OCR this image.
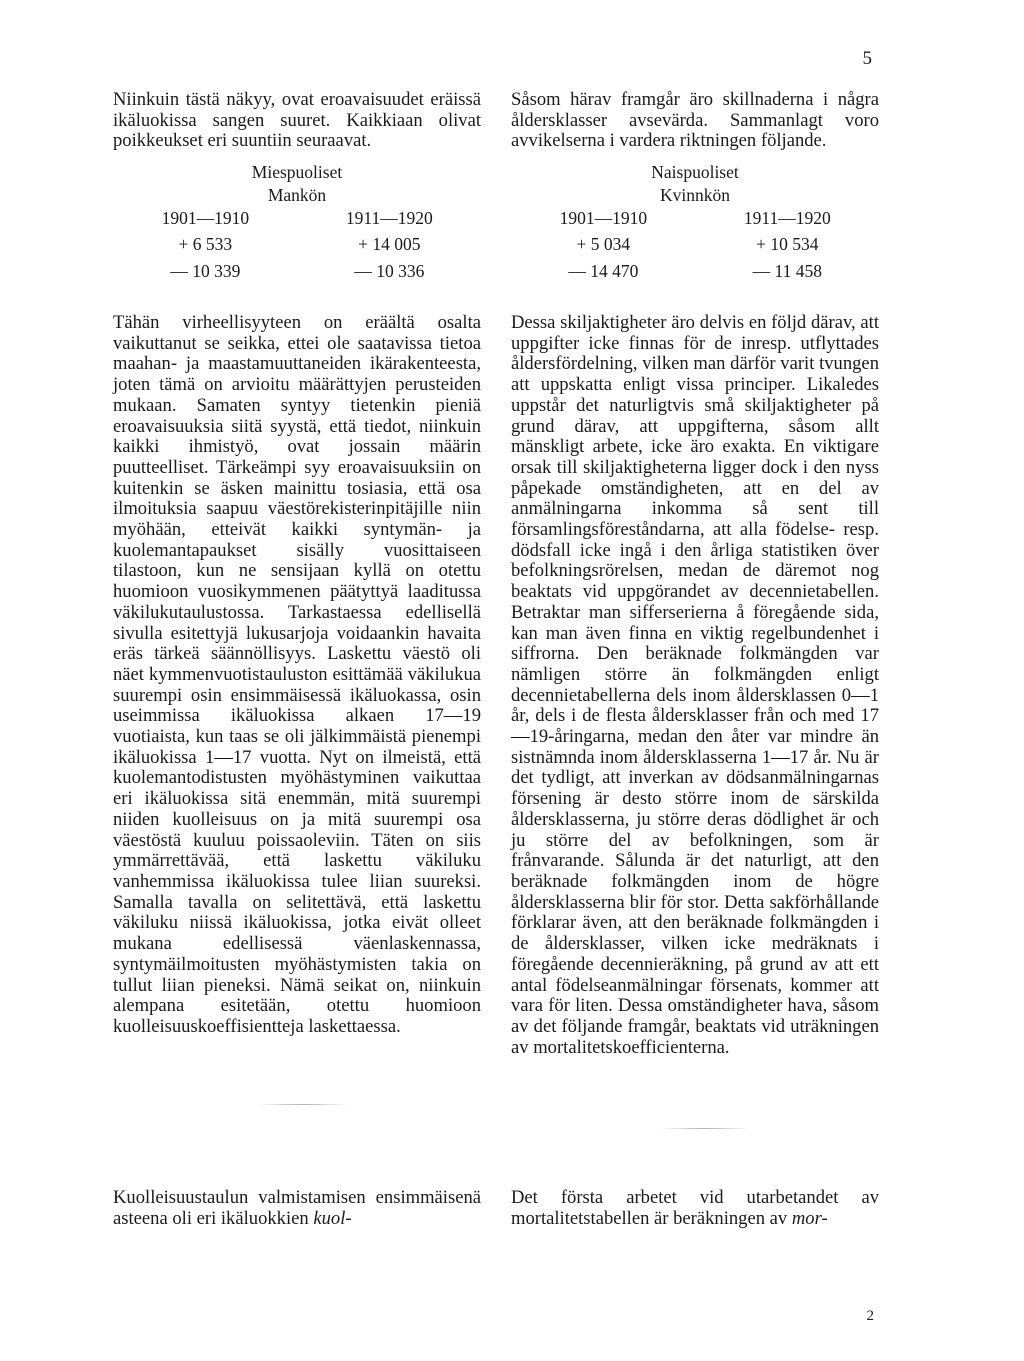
5

Niinkuin tästä näkyy, ovat eroavaisuudet eräissä ikäluokissa sangen suuret. Kaikkiaan olivat poikkeukset eri suuntiin seuraavat.

Miespuoliset	
Mankön	
1901—1910	1911—1920
+ 6 533	+ 14 005
— 10 339	— 10 336

Tähän virheellisyyteen on eräältä osalta vaikuttanut se seikka, ettei ole saatavissa tietoa maahan- ja maastamuuttaneiden ikärakenteesta, joten tämä on arvioitu määrättyjen perusteiden mukaan. Samaten syntyy tietenkin pieniä eroavaisuuksia siitä syystä, että tiedot, niinkuin kaikki ihmistyö, ovat jossain määrin puutteelliset. Tärkeämpi syy eroavaisuuksiin on kuitenkin se äsken mainittu tosiasia, että osa ilmoituksia saapuu väestörekisterinpitäjille niin myöhään, etteivät kaikki syntymän- ja kuolemantapaukset sisälly vuosittaiseen tilastoon, kun ne sensijaan kyllä on otettu huomioon vuosikymmenen päätyttyä laaditussa väkilukutaulustossa. Tarkastaessa edellisellä sivulla esitettyjä lukusarjoja voidaankin havaita eräs tärkeä säännöllisyys. Laskettu väestö oli näet kymmenvuotistauluston esittämää väkilukua suurempi osin ensimmäisessä ikäluokassa, osin useimmissa ikäluokissa alkaen 17—19 vuotiaista, kun taas se oli jälkimmäistä pienempi ikäluokissa 1—17 vuotta. Nyt on ilmeistä, että kuolemantodistusten myöhästyminen vaikuttaa eri ikäluokissa sitä enemmän, mitä suurempi niiden kuolleisuus on ja mitä suurempi osa väestöstä kuuluu poissaoleviin. Täten on siis ymmärrettävää, että laskettu väkiluku vanhemmissa ikäluokissa tulee liian suureksi. Samalla tavalla on selitettävä, että laskettu väkiluku niissä ikäluokissa, jotka eivät olleet mukana edellisessä väenlaskennassa, syntymäilmoitusten myöhästymisten takia on tullut liian pieneksi. Nämä seikat on, niinkuin alempana esitetään, otettu huomioon kuolleisuuskoeffisientteja laskettaessa.

Kuolleisuustaulun valmistamisen ensimmäisenä asteena oli eri ikäluokkien kuol-

Såsom härav framgår äro skillnaderna i några åldersklasser avsevärda. Sammanlagt voro avvikelserna i vardera riktningen följande.

Naispuoliset	
Kvinnkön	
1901—1910	1911—1920
+ 5 034	+ 10 534
— 14 470	— 11 458

Dessa skiljaktigheter äro delvis en följd därav, att uppgifter icke finnas för de inresp. utflyttades åldersfördelning, vilken man därför varit tvungen att uppskatta enligt vissa principer. Likaledes uppstår det naturligtvis små skiljaktigheter på grund därav, att uppgifterna, såsom allt mänskligt arbete, icke äro exakta. En viktigare orsak till skiljaktigheterna ligger dock i den nyss påpekade omständigheten, att en del av anmälningarna inkomma så sent till församlingsföreståndarna, att alla födelse- resp. dödsfall icke ingå i den årliga statistiken över befolkningsrörelsen, medan de däremot nog beaktats vid uppgörandet av decennietabellen. Betraktar man sifferserierna å föregående sida, kan man även finna en viktig regelbundenhet i siffrorna. Den beräknade folkmängden var nämligen större än folkmängden enligt decennietabellerna dels inom åldersklassen 0—1 år, dels i de flesta åldersklasser från och med 17—19-åringarna, medan den åter var mindre än sistnämnda inom åldersklasserna 1—17 år. Nu är det tydligt, att inverkan av dödsanmälningarnas försening är desto större inom de särskilda åldersklasserna, ju större deras dödlighet är och ju större del av befolkningen, som är frånvarande. Sålunda är det naturligt, att den beräknade folkmängden inom de högre åldersklasserna blir för stor. Detta sakförhållande förklarar även, att den beräknade folkmängden i de åldersklasser, vilken icke medräknats i föregående decennieräkning, på grund av att ett antal födelseanmälningar försenats, kommer att vara för liten. Dessa omständigheter hava, såsom av det följande framgår, beaktats vid uträkningen av mortalitetskoefficienterna.

Det första arbetet vid utarbetandet av mortalitetstabellen är beräkningen av mor-

2
